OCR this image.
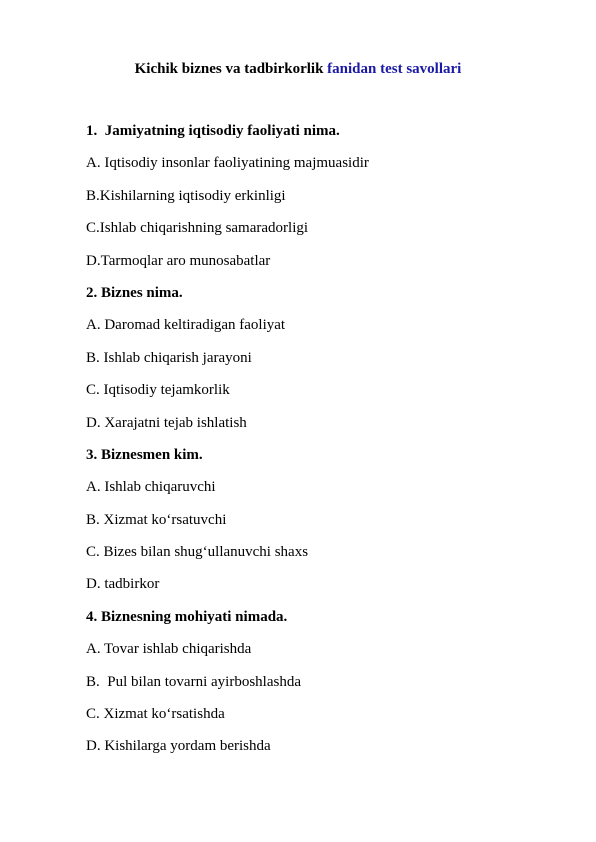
Kichik biznes va tadbirkorlik fanidan test savollari
1.  Jamiyatning iqtisodiy faoliyati nima.
A. Iqtisodiy insonlar faoliyatining majmuasidir
B.Kishilarning iqtisodiy erkinligi
C.Ishlab chiqarishning samaradorligi
D.Tarmoqlar aro munosabatlar
2. Biznes nima.
A. Daromad keltiradigan faoliyat
B. Ishlab chiqarish jarayoni
C. Iqtisodiy tejamkorlik
D. Xarajatni tejab ishlatish
3. Biznesmen kim.
A. Ishlab chiqaruvchi
B. Xizmat ko‘rsatuvchi
C. Bizes bilan shug‘ullanuvchi shaxs
D. tadbirkor
4. Biznesning mohiyati nimada.
A. Tovar ishlab chiqarishda
B.  Pul bilan tovarni ayirboshlashda
C. Xizmat ko‘rsatishda
D. Kishilarga yordam berishda
